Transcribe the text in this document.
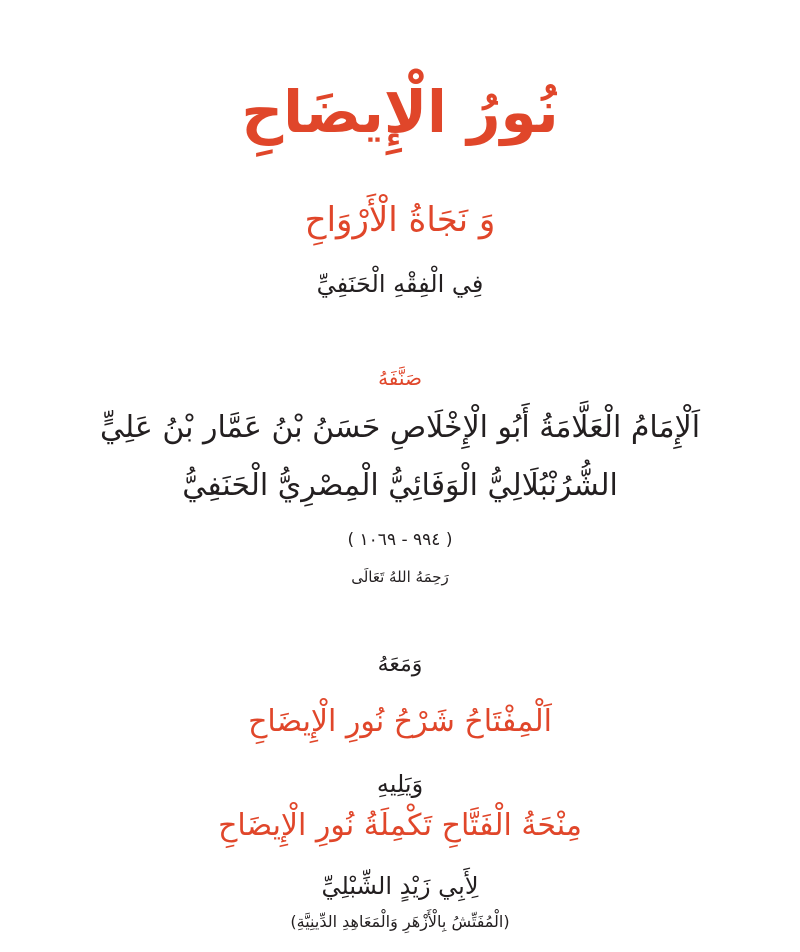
نُورُ الْإِيضَاحِ
وَ نَجَاةُ الْأَرْوَاحِ
فِي الْفِقْهِ الْحَنَفِيِّ
صَنَّفَهُ
اَلْإِمَامُ الْعَلَّامَةُ أَبُو الْإِخْلَاصِ حَسَنُ بْنُ عَمَّار بْنُ عَلِيٍّ
الشُّرُنْبُلَالِيُّ الْوَفَائِيُّ الْمِصْرِيُّ الْحَنَفِيُّ
( ٩٩٤ - ١٠٦٩ )
رَحِمَهُ اللهُ تَعَالَى
وَمَعَهُ
اَلْمِفْتَاحُ شَرْحُ نُورِ الْإِيضَاحِ
وَيَلِيهِ
مِنْحَةُ الْفَتَّاحِ تَكْمِلَةُ نُورِ الْإِيضَاحِ
لِأَبِي زَيْدٍ الشِّبْلِيِّ
(الْمُفَتِّشُ بِالْأَزْهَرِ وَالْمَعَاهِدِ الدِّينِيَّةِ)
